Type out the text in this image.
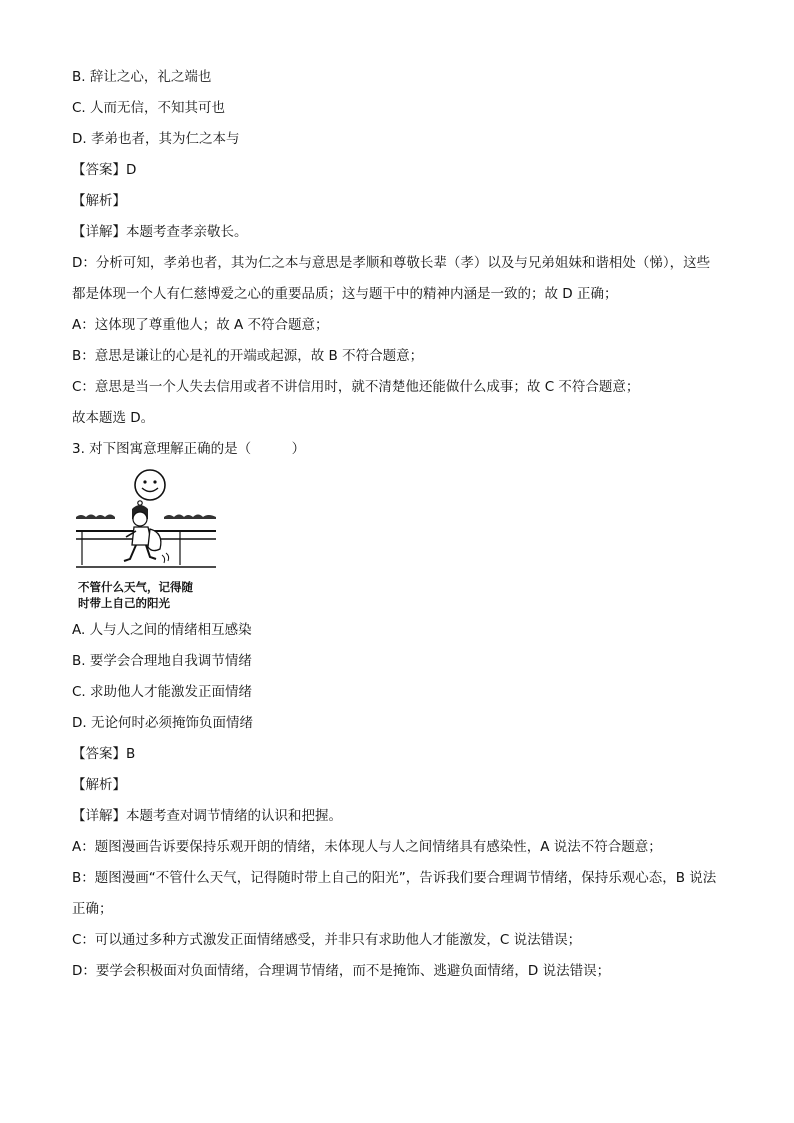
B. 辞让之心，礼之端也
C. 人而无信，不知其可也
D. 孝弟也者，其为仁之本与
【答案】D
【解析】
【详解】本题考查孝亲敬长。
D：分析可知，孝弟也者，其为仁之本与意思是孝顺和尊敬长辈（孝）以及与兄弟姐妹和谐相处（悌），这些都是体现一个人有仁慈博爱之心的重要品质；这与题干中的精神内涵是一致的；故 D 正确；
A：这体现了尊重他人；故 A 不符合题意；
B：意思是谦让的心是礼的开端或起源，故 B 不符合题意；
C：意思是当一个人失去信用或者不讲信用时，就不清楚他还能做什么成事；故 C 不符合题意；
故本题选 D。
3. 对下图寓意理解正确的是（　　　）
不管什么天气，记得随
时带上自己的阳光
A. 人与人之间的情绪相互感染
B. 要学会合理地自我调节情绪
C. 求助他人才能激发正面情绪
D. 无论何时必须掩饰负面情绪
【答案】B
【解析】
【详解】本题考查对调节情绪的认识和把握。
A：题图漫画告诉要保持乐观开朗的情绪，未体现人与人之间情绪具有感染性，A 说法不符合题意；
B：题图漫画“不管什么天气，记得随时带上自己的阳光”，告诉我们要合理调节情绪，保持乐观心态，B 说法正确；
C：可以通过多种方式激发正面情绪感受，并非只有求助他人才能激发，C 说法错误；
D：要学会积极面对负面情绪，合理调节情绪，而不是掩饰、逃避负面情绪，D 说法错误；
